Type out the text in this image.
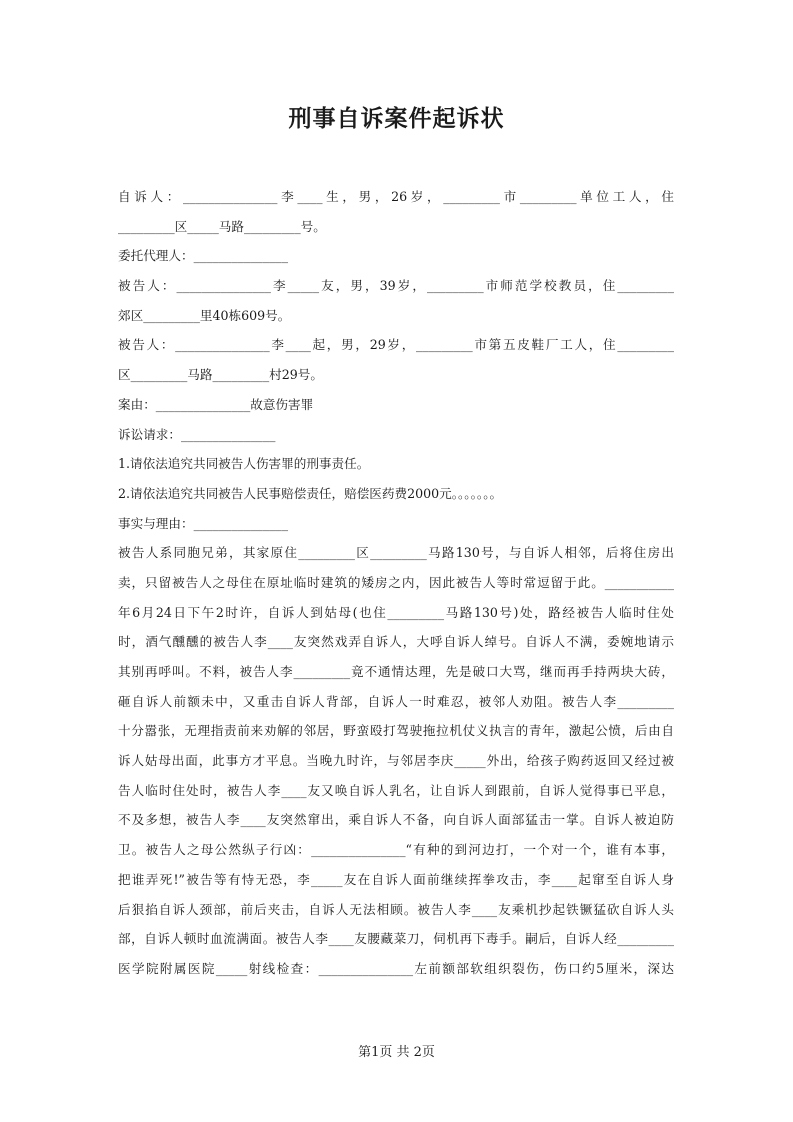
刑事自诉案件起诉状
自诉人：_______________李____生，男，26岁，_________市_________单位工人，住
_________区_____马路_________号。
委托代理人：_______________
被告人：_______________李_____友，男，39岁，_________市师范学校教员，住_________
郊区_________里40栋609号。
被告人：_______________李____起，男，29岁，_________市第五皮鞋厂工人，住_________
区_________马路_________村29号。
案由：_______________故意伤害罪
诉讼请求：_______________
1.请依法追究共同被告人伤害罪的刑事责任。
2.请依法追究共同被告人民事赔偿责任，赔偿医药费2000元。。。。。。。
事实与理由：_______________
被告人系同胞兄弟，其家原住_________区_________马路130号，与自诉人相邻，后将住房出
卖，只留被告人之母住在原址临时建筑的矮房之内，因此被告人等时常逗留于此。___________
年6月24日下午2时许，自诉人到姑母(也住_________马路130号)处，路经被告人临时住处
时，酒气醺醺的被告人李____友突然戏弄自诉人，大呼自诉人绰号。自诉人不满，委婉地请示
其别再呼叫。不料，被告人李_________竟不通情达理，先是破口大骂，继而再手持两块大砖，
砸自诉人前额未中，又重击自诉人背部，自诉人一时难忍，被邻人劝阻。被告人李_________
十分嚣张，无理指责前来劝解的邻居，野蛮殴打驾驶拖拉机仗义执言的青年，激起公愤，后由自
诉人姑母出面，此事方才平息。当晚九时许，与邻居李庆_____外出，给孩子购药返回又经过被
告人临时住处时，被告人李____友又唤自诉人乳名，让自诉人到跟前，自诉人觉得事已平息，
不及多想，被告人李____友突然窜出，乘自诉人不备，向自诉人面部猛击一掌。自诉人被迫防
卫。被告人之母公然纵子行凶：_______________“有种的到河边打，一个对一个，谁有本事，
把谁弄死!”被告等有恃无恐，李_____友在自诉人面前继续挥拳攻击，李____起窜至自诉人身
后狠掐自诉人颈部，前后夹击，自诉人无法相顾。被告人李____友乘机抄起铁镢猛砍自诉人头
部，自诉人顿时血流满面。被告人李____友腰藏菜刀，伺机再下毒手。嗣后，自诉人经_________
医学院附属医院_____射线检查：_______________左前额部软组织裂伤，伤口约5厘米，深达
第1页 共 2页
